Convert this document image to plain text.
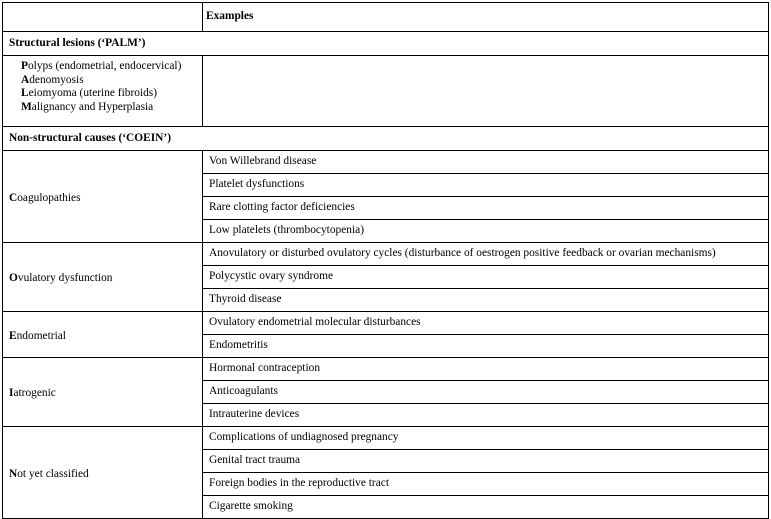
	Examples
Structural lesions (‘PALM’)	

Polyps (endometrial, endocervical)
Adenomyosis
Leiomyoma (uterine fibroids)
Malignancy and Hyperplasia	

Non-structural causes (‘COEIN’)	
Coagulopathies	Von Willebrand disease
	Platelet dysfunctions
	Rare clotting factor deficiencies
	Low platelets (thrombocytopenia)
Ovulatory dysfunction	Anovulatory or disturbed ovulatory cycles (disturbance of oestrogen positive feedback or ovarian mechanisms)
	Polycystic ovary syndrome
	Thyroid disease
Endometrial	Ovulatory endometrial molecular disturbances
	Endometritis
Iatrogenic	Hormonal contraception
	Anticoagulants
	Intrauterine devices
Not yet classified	Complications of undiagnosed pregnancy
	Genital tract trauma
	Foreign bodies in the reproductive tract
	Cigarette smoking
